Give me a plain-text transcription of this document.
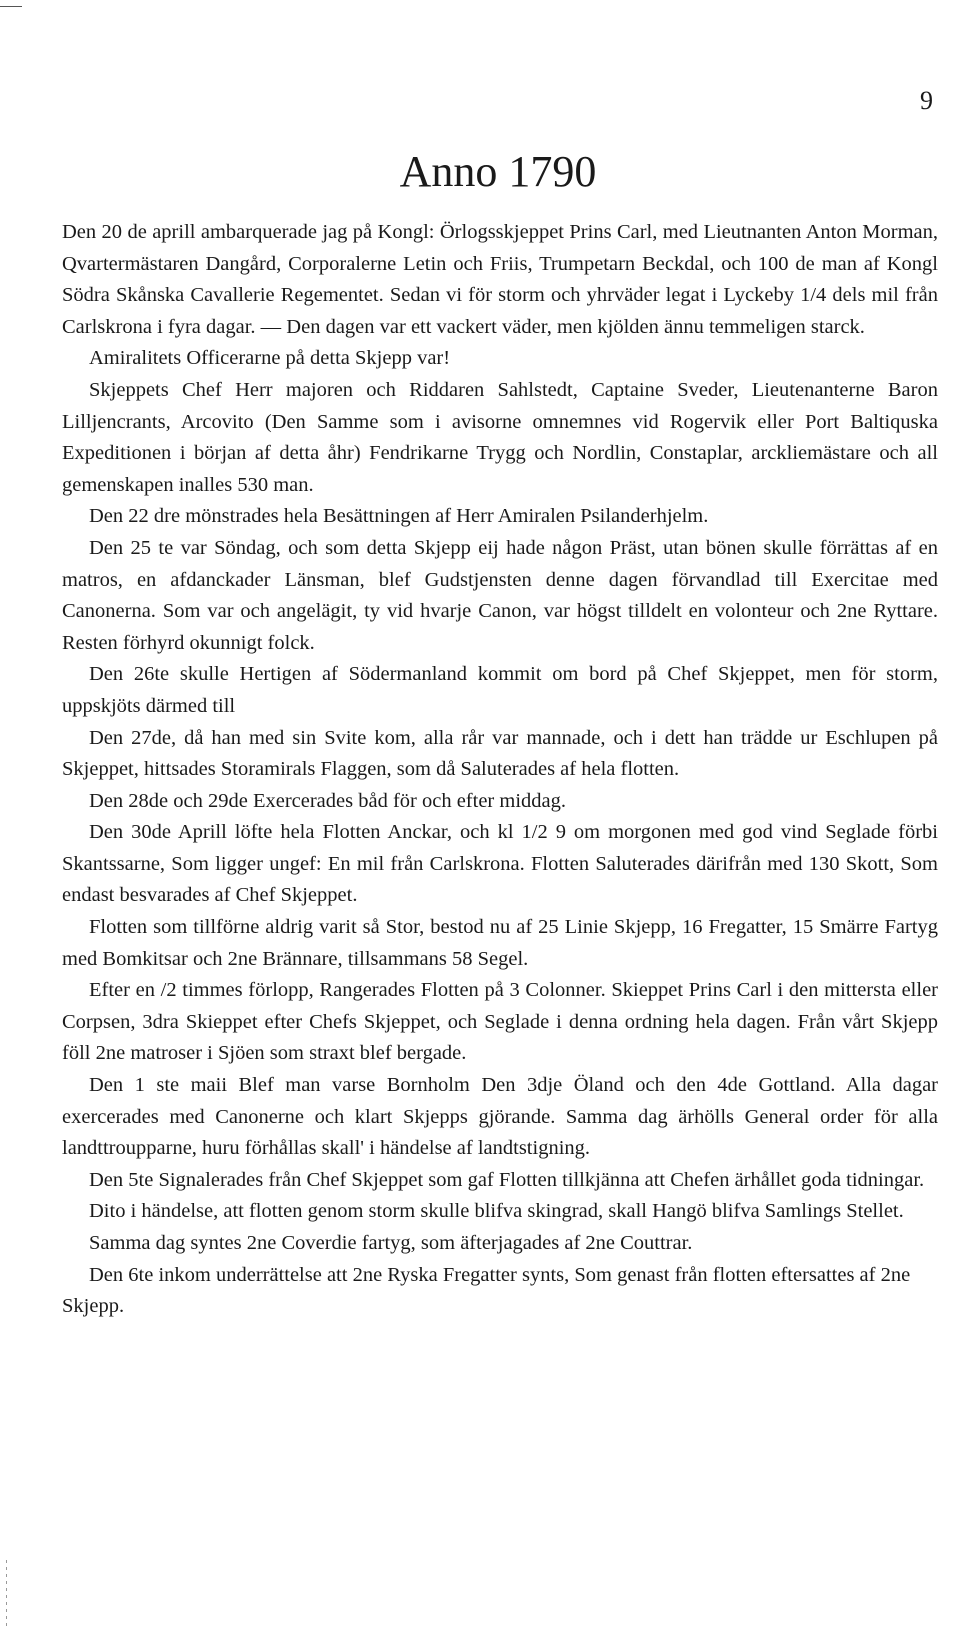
9
Anno 1790

Den 20 de aprill ambarquerade jag på Kongl: Örlogsskjeppet Prins Carl, med Lieutnanten Anton Morman, Qvartermästaren Dangård, Corporalerne Letin och Friis, Trumpetarn Beckdal, och 100 de man af Kongl Södra Skånska Cavallerie Regementet. Sedan vi för storm och yhrväder legat i Lyckeby 1/4 dels mil från Carlskrona i fyra dagar. — Den dagen var ett vackert väder, men kjölden ännu temmeligen starck.

Amiralitets Officerarne på detta Skjepp var!

Skjeppets Chef Herr majoren och Riddaren Sahlstedt, Captaine Sveder, Lieutenanterne Baron Lilljencrants, Arcovito (Den Samme som i avisorne omnemnes vid Rogervik eller Port Baltiquska Expeditionen i början af detta åhr) Fendrikarne Trygg och Nordlin, Constaplar, arckliemästare och all gemenskapen inalles 530 man.

Den 22 dre mönstrades hela Besättningen af Herr Amiralen Psilanderhjelm.

Den 25 te var Söndag, och som detta Skjepp eij hade någon Präst, utan bönen skulle förrättas af en matros, en afdanckader Länsman, blef Gudstjensten denne dagen förvandlad till Exercitae med Canonerna. Som var och angelägit, ty vid hvarje Canon, var högst tilldelt en volonteur och 2ne Ryttare. Resten förhyrd okunnigt folck.

Den 26te skulle Hertigen af Södermanland kommit om bord på Chef Skjeppet, men för storm, uppskjöts därmed till

Den 27de, då han med sin Svite kom, alla rår var mannade, och i dett han trädde ur Eschlupen på Skjeppet, hittsades Storamirals Flaggen, som då Saluterades af hela flotten.

Den 28de och 29de Exercerades båd för och efter middag.

Den 30de Aprill löfte hela Flotten Anckar, och kl 1/2 9 om morgonen med god vind Seglade förbi Skantssarne, Som ligger ungef: En mil från Carlskrona. Flotten Saluterades därifrån med 130 Skott, Som endast besvarades af Chef Skjeppet.

Flotten som tillförne aldrig varit så Stor, bestod nu af 25 Linie Skjepp, 16 Fregatter, 15 Smärre Fartyg med Bomkitsar och 2ne Brännare, tillsammans 58 Segel.

Efter en /2 timmes förlopp, Rangerades Flotten på 3 Colonner. Skieppet Prins Carl i den mittersta eller Corpsen, 3dra Skieppet efter Chefs Skjeppet, och Seglade i denna ordning hela dagen. Från vårt Skjepp föll 2ne matroser i Sjöen som straxt blef bergade.

Den 1 ste maii Blef man varse Bornholm Den 3dje Öland och den 4de Gottland. Alla dagar exercerades med Canonerne och klart Skjepps gjörande. Samma dag ärhölls General order för alla landttroupparne, huru förhållas skall' i händelse af landtstigning.

Den 5te Signalerades från Chef Skjeppet som gaf Flotten tillkjänna att Chefen ärhållet goda tidningar.

Dito i händelse, att flotten genom storm skulle blifva skingrad, skall Hangö blifva Samlings Stellet.

Samma dag syntes 2ne Coverdie fartyg, som äfterjagades af 2ne Couttrar.

Den 6te inkom underrättelse att 2ne Ryska Fregatter synts, Som genast från flotten eftersattes af 2ne Skjepp.
